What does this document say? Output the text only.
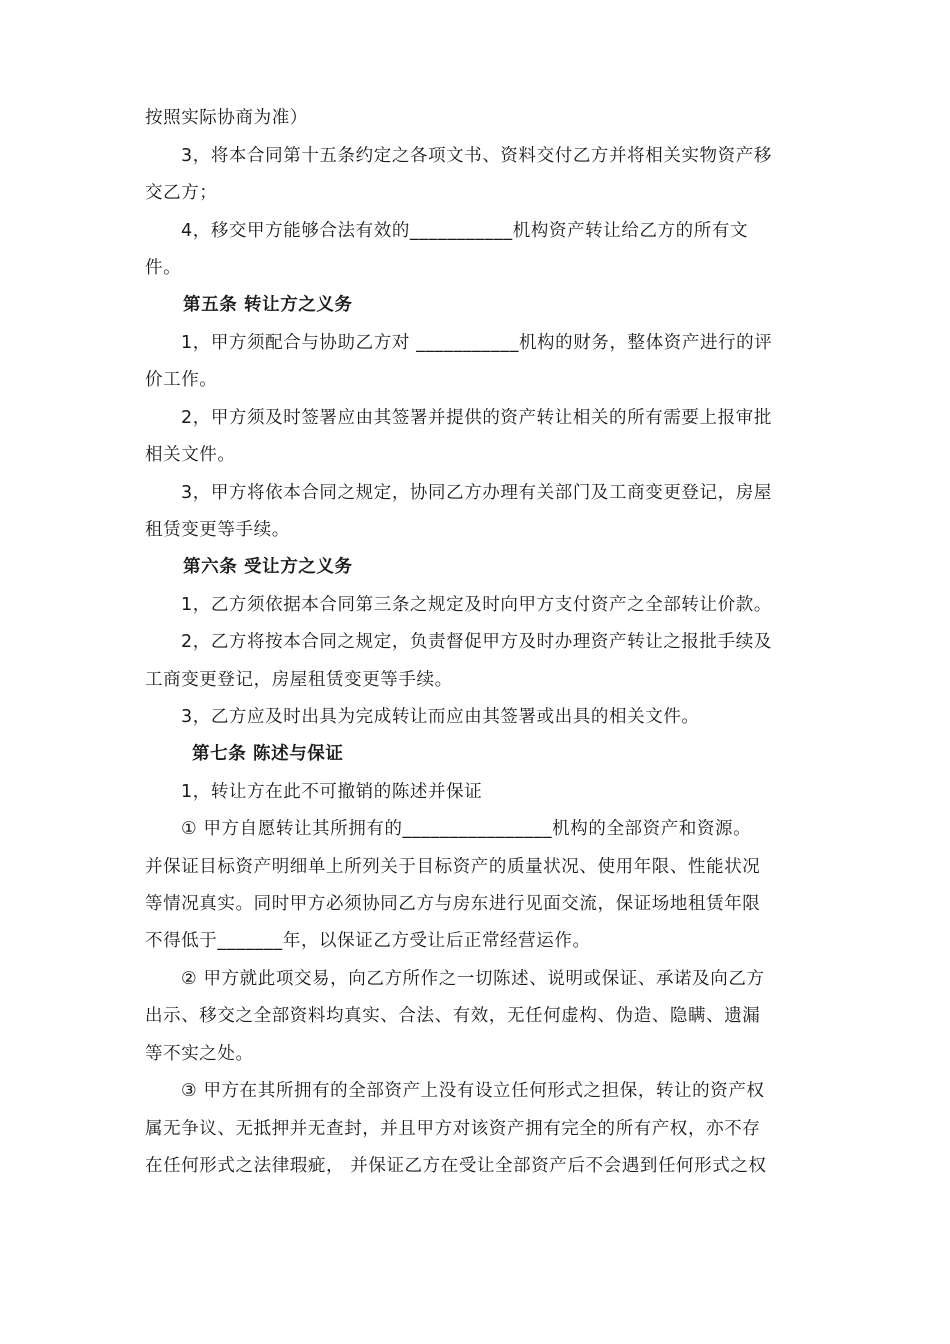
按照实际协商为准）
3，将本合同第十五条约定之各项文书、资料交付乙方并将相关实物资产移
交乙方；
4，移交甲方能够合法有效的___________机构资产转让给乙方的所有文
件。
第五条 转让方之义务
1，甲方须配合与协助乙方对 ___________机构的财务，整体资产进行的评
价工作。
2，甲方须及时签署应由其签署并提供的资产转让相关的所有需要上报审批
相关文件。
3，甲方将依本合同之规定，协同乙方办理有关部门及工商变更登记，房屋
租赁变更等手续。
第六条 受让方之义务
1，乙方须依据本合同第三条之规定及时向甲方支付资产之全部转让价款。
2，乙方将按本合同之规定，负责督促甲方及时办理资产转让之报批手续及
工商变更登记，房屋租赁变更等手续。
3，乙方应及时出具为完成转让而应由其签署或出具的相关文件。
第七条 陈述与保证
1，转让方在此不可撤销的陈述并保证
① 甲方自愿转让其所拥有的________________机构的全部资产和资源。
并保证目标资产明细单上所列关于目标资产的质量状况、使用年限、性能状况
等情况真实。同时甲方必须协同乙方与房东进行见面交流，保证场地租赁年限
不得低于_______年，以保证乙方受让后正常经营运作。
② 甲方就此项交易，向乙方所作之一切陈述、说明或保证、承诺及向乙方
出示、移交之全部资料均真实、合法、有效，无任何虚构、伪造、隐瞒、遗漏
等不实之处。
③ 甲方在其所拥有的全部资产上没有设立任何形式之担保，转让的资产权
属无争议、无抵押并无查封，并且甲方对该资产拥有完全的所有产权，亦不存
在任何形式之法律瑕疵， 并保证乙方在受让全部资产后不会遇到任何形式之权
